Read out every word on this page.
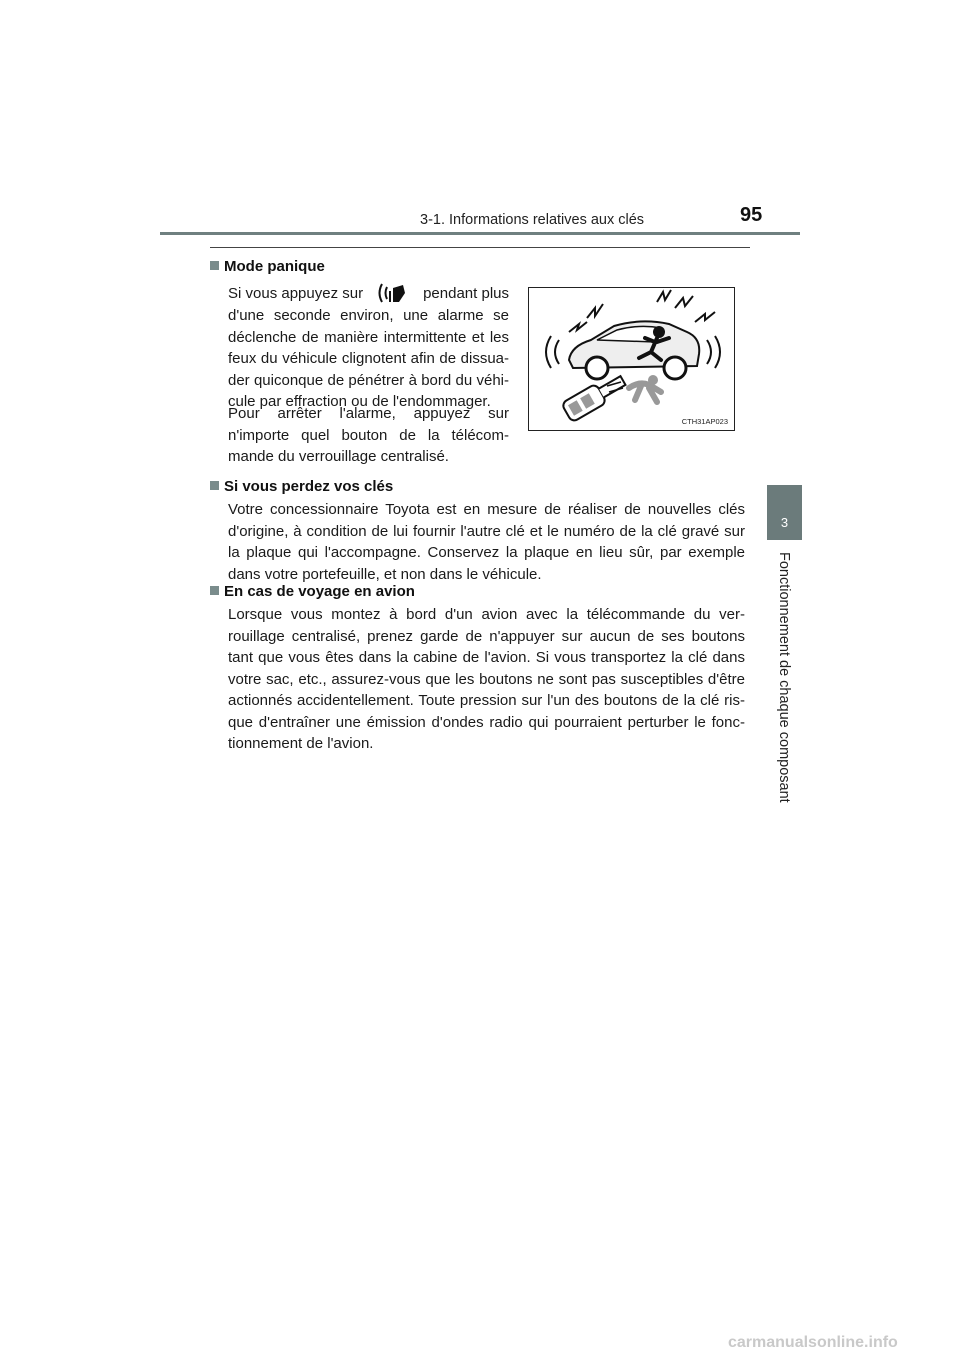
3-1. Informations relatives aux clés	95
3
Fonctionnement de chaque composant
Mode panique
Si vous appuyez sur	pendant plus

d'une seconde environ, une alarme se déclenche de manière intermittente et les feux du véhicule clignotent afin de dissua-der quiconque de pénétrer à bord du véhi-cule par effraction ou de l'endommager.

Pour arrêter l'alarme, appuyez sur n'importe quel bouton de la télécom-mande du verrouillage centralisé.

CTH31AP023
Si vous perdez vos clés

Votre concessionnaire Toyota est en mesure de réaliser de nouvelles clés d'origine, à condition de lui fournir l'autre clé et le numéro de la clé gravé sur la plaque qui l'accompagne. Conservez la plaque en lieu sûr, par exemple dans votre portefeuille, et non dans le véhicule.

En cas de voyage en avion

Lorsque vous montez à bord d'un avion avec la télécommande du ver-rouillage centralisé, prenez garde de n'appuyer sur aucun de ses boutons tant que vous êtes dans la cabine de l'avion. Si vous transportez la clé dans votre sac, etc., assurez-vous que les boutons ne sont pas susceptibles d'être actionnés accidentellement. Toute pression sur l'un des boutons de la clé ris-que d'entraîner une émission d'ondes radio qui pourraient perturber le fonc-tionnement de l'avion.

carmanualsonline.info
